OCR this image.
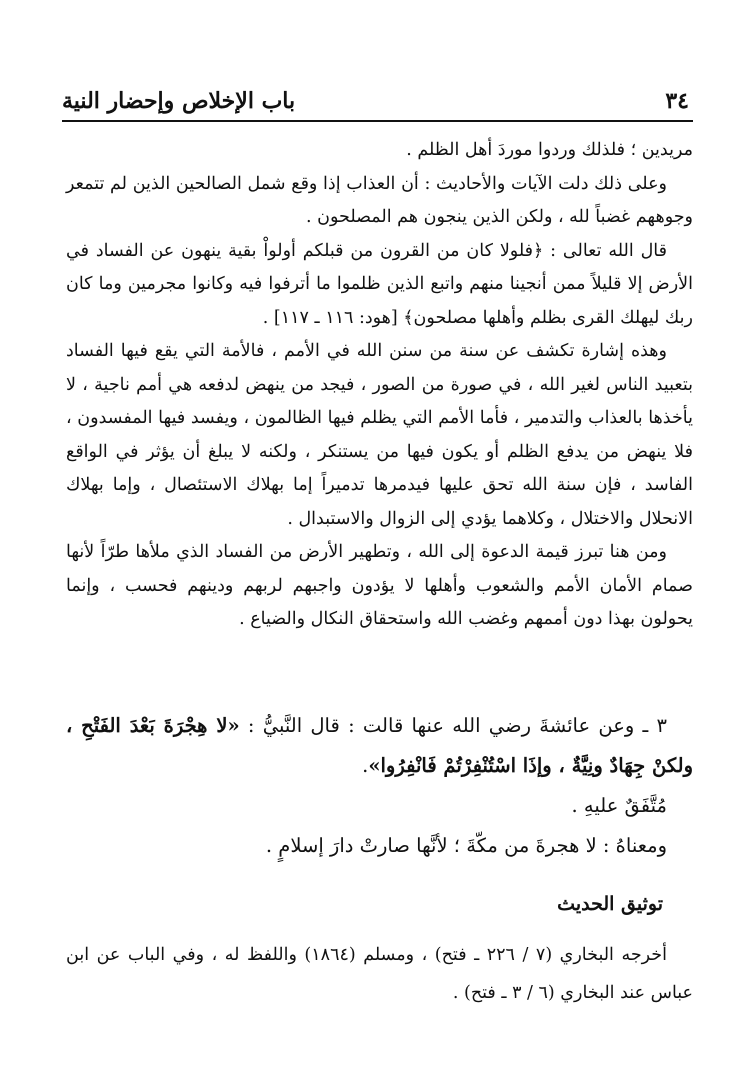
٣٤
باب الإخلاص وإحضار النية

مريدين ؛ فلذلك وردوا موردَ أهل الظلم .

وعلى ذلك دلت الآيات والأحاديث : أن العذاب إذا وقع شمل الصالحين الذين لم تتمعر وجوههم غضباً لله ، ولكن الذين ينجون هم المصلحون .

قال الله تعالى : ﴿فلولا كان من القرون من قبلكم أولواْ بقية ينهون عن الفساد في الأرض إلا قليلاً ممن أنجينا منهم واتبع الذين ظلموا ما أترفوا فيه وكانوا مجرمين وما كان ربك ليهلك القرى بظلم وأهلها مصلحون﴾ [هود: ١١٦ ـ ١١٧] .

وهذه إشارة تكشف عن سنة من سنن الله في الأمم ، فالأمة التي يقع فيها الفساد بتعبيد الناس لغير الله ، في صورة من الصور ، فيجد من ينهض لدفعه هي أمم ناجية ، لا يأخذها بالعذاب والتدمير ، فأما الأمم التي يظلم فيها الظالمون ، ويفسد فيها المفسدون ، فلا ينهض من يدفع الظلم أو يكون فيها من يستنكر ، ولكنه لا يبلغ أن يؤثر في الواقع الفاسد ، فإن سنة الله تحق عليها فيدمرها تدميراً إما بهلاك الاستئصال ، وإما بهلاك الانحلال والاختلال ، وكلاهما يؤدي إلى الزوال والاستبدال .

ومن هنا تبرز قيمة الدعوة إلى الله ، وتطهير الأرض من الفساد الذي ملأها طرّاً لأنها صمام الأمان الأمم والشعوب وأهلها لا يؤدون واجبهم لربهم ودينهم فحسب ، وإنما يحولون بهذا دون أممهم وغضب الله واستحقاق النكال والضياع .

٣ ـ وعن عائشةَ رضي الله عنها قالت : قال النَّبيُّ : «لا هِجْرَةَ بَعْدَ الفَتْحِ ، ولكنْ جِهَادٌ ونِيَّةٌ ، وإذَا اسْتُنْفِرْتُمْ فَانْفِرُوا».

مُتَّفَقٌ عليهِ .

ومعناهُ : لا هجرةَ من مكّةَ ؛ لأنَّها صارتْ دارَ إسلامٍ .

توثيق الحديث

أخرجه البخاري (٧ / ٢٢٦ ـ فتح) ، ومسلم (١٨٦٤) واللفظ له ، وفي الباب عن ابن عباس عند البخاري (٦ / ٣ ـ فتح) .
